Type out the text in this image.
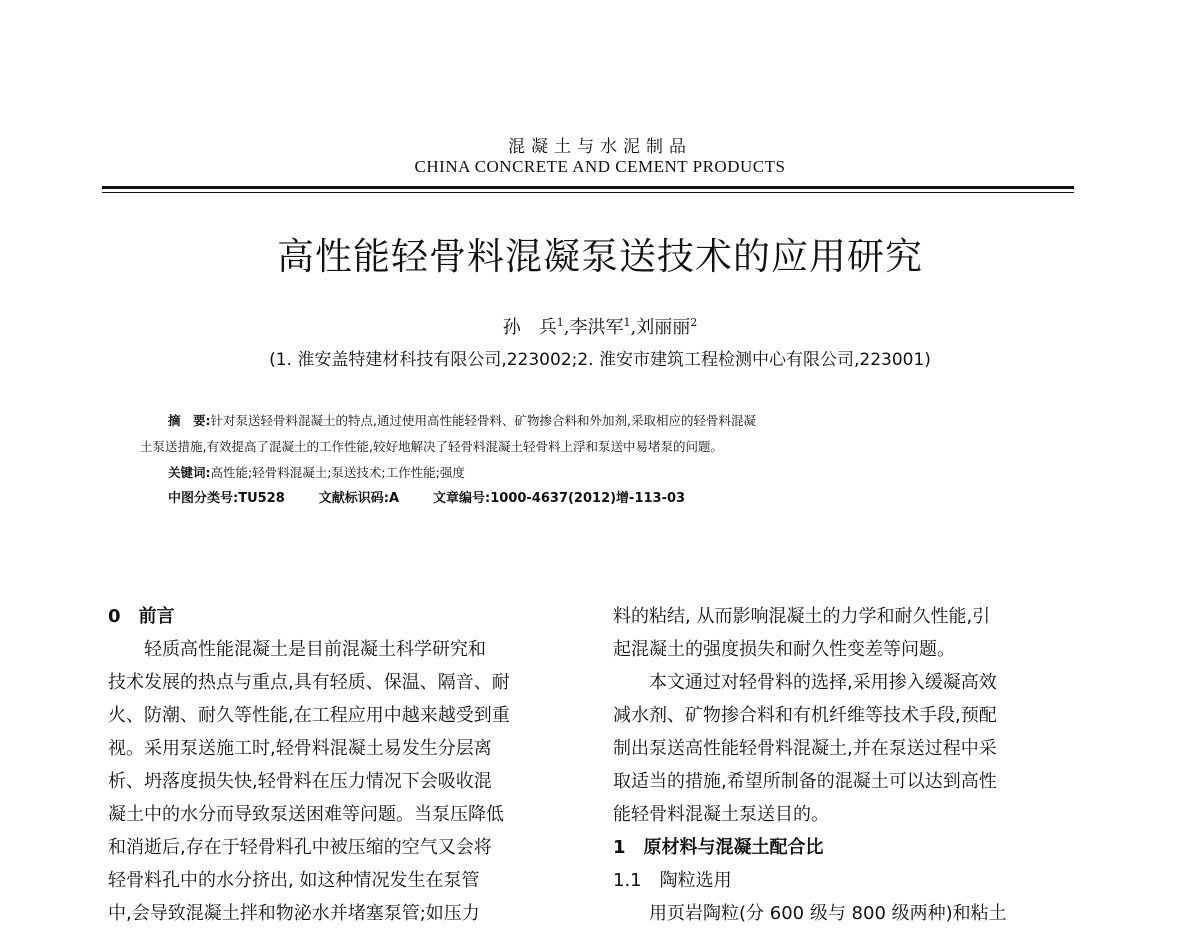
混凝土与水泥制品
CHINA CONCRETE AND CEMENT PRODUCTS
高性能轻骨料混凝泵送技术的应用研究
孙　兵$^1$,李洪军$^1$,刘丽丽$^2$
(1. 淮安盖特建材科技有限公司,223002;2. 淮安市建筑工程检测中心有限公司,223001)

摘　要:针对泵送轻骨料混凝土的特点,通过使用高性能轻骨料、矿物掺合料和外加剂,采取相应的轻骨料混凝

土泵送措施,有效提高了混凝土的工作性能,较好地解决了轻骨料混凝土轻骨料上浮和泵送中易堵泵的问题。

关键词:高性能;轻骨料混凝土;泵送技术;工作性能;强度

中图分类号:TU528	文献标识码:A	文章编号:1000-4637(2012)增-113-03

0　前言

轻质高性能混凝土是目前混凝土科学研究和

技术发展的热点与重点,具有轻质、保温、隔音、耐

火、防潮、耐久等性能,在工程应用中越来越受到重

视。采用泵送施工时,轻骨料混凝土易发生分层离

析、坍落度损失快,轻骨料在压力情况下会吸收混

凝土中的水分而导致泵送困难等问题。当泵压降低

和消逝后,存在于轻骨料孔中被压缩的空气又会将

轻骨料孔中的水分挤出, 如这种情况发生在泵管

中,会导致混凝土拌和物泌水并堵塞泵管;如压力

料的粘结, 从而影响混凝土的力学和耐久性能,引

起混凝土的强度损失和耐久性变差等问题。

本文通过对轻骨料的选择,采用掺入缓凝高效

减水剂、矿物掺合料和有机纤维等技术手段,预配

制出泵送高性能轻骨料混凝土,并在泵送过程中采

取适当的措施,希望所制备的混凝土可以达到高性

能轻骨料混凝土泵送目的。

1　原材料与混凝土配合比

1.1　陶粒选用

用页岩陶粒(分 600 级与 800 级两种)和粘土
